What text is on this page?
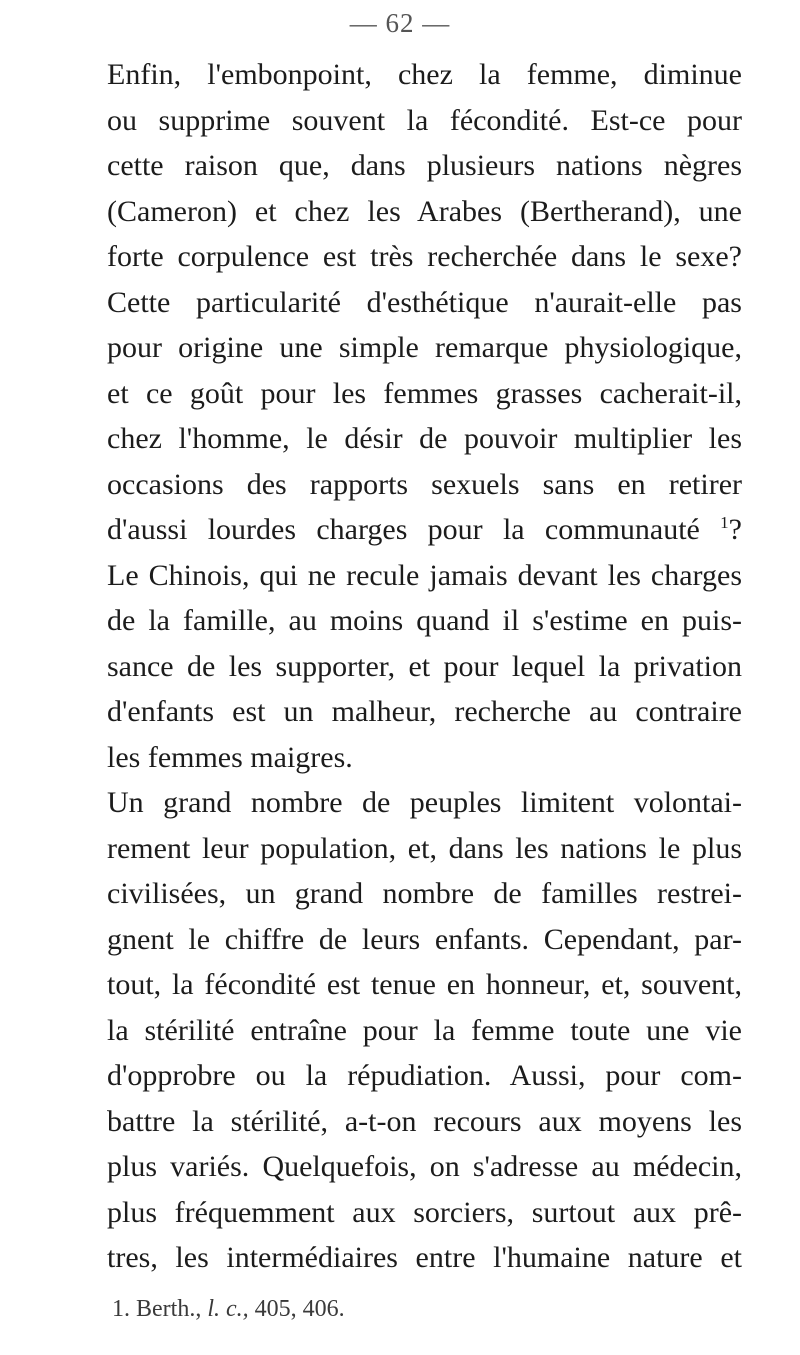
— 62 —
Enfin, l'embonpoint, chez la femme, diminue
ou supprime souvent la fécondité. Est-ce pour
cette raison que, dans plusieurs nations nègres
(Cameron) et chez les Arabes (Bertherand), une
forte corpulence est très recherchée dans le sexe?
Cette particularité d'esthétique n'aurait-elle pas
pour origine une simple remarque physiologique,
et ce goût pour les femmes grasses cacherait-il,
chez l'homme, le désir de pouvoir multiplier les
occasions des rapports sexuels sans en retirer
d'aussi lourdes charges pour la communauté $^1$?
Le Chinois, qui ne recule jamais devant les charges
de la famille, au moins quand il s'estime en puis-
sance de les supporter, et pour lequel la privation
d'enfants est un malheur, recherche au contraire
les femmes maigres.
Un grand nombre de peuples limitent volontai-
rement leur population, et, dans les nations le plus
civilisées, un grand nombre de familles restrei-
gnent le chiffre de leurs enfants. Cependant, par-
tout, la fécondité est tenue en honneur, et, souvent,
la stérilité entraîne pour la femme toute une vie
d'opprobre ou la répudiation. Aussi, pour com-
battre la stérilité, a-t-on recours aux moyens les
plus variés. Quelquefois, on s'adresse au médecin,
plus fréquemment aux sorciers, surtout aux prê-
tres, les intermédiaires entre l'humaine nature et
1. Berth., l. c., 405, 406.
